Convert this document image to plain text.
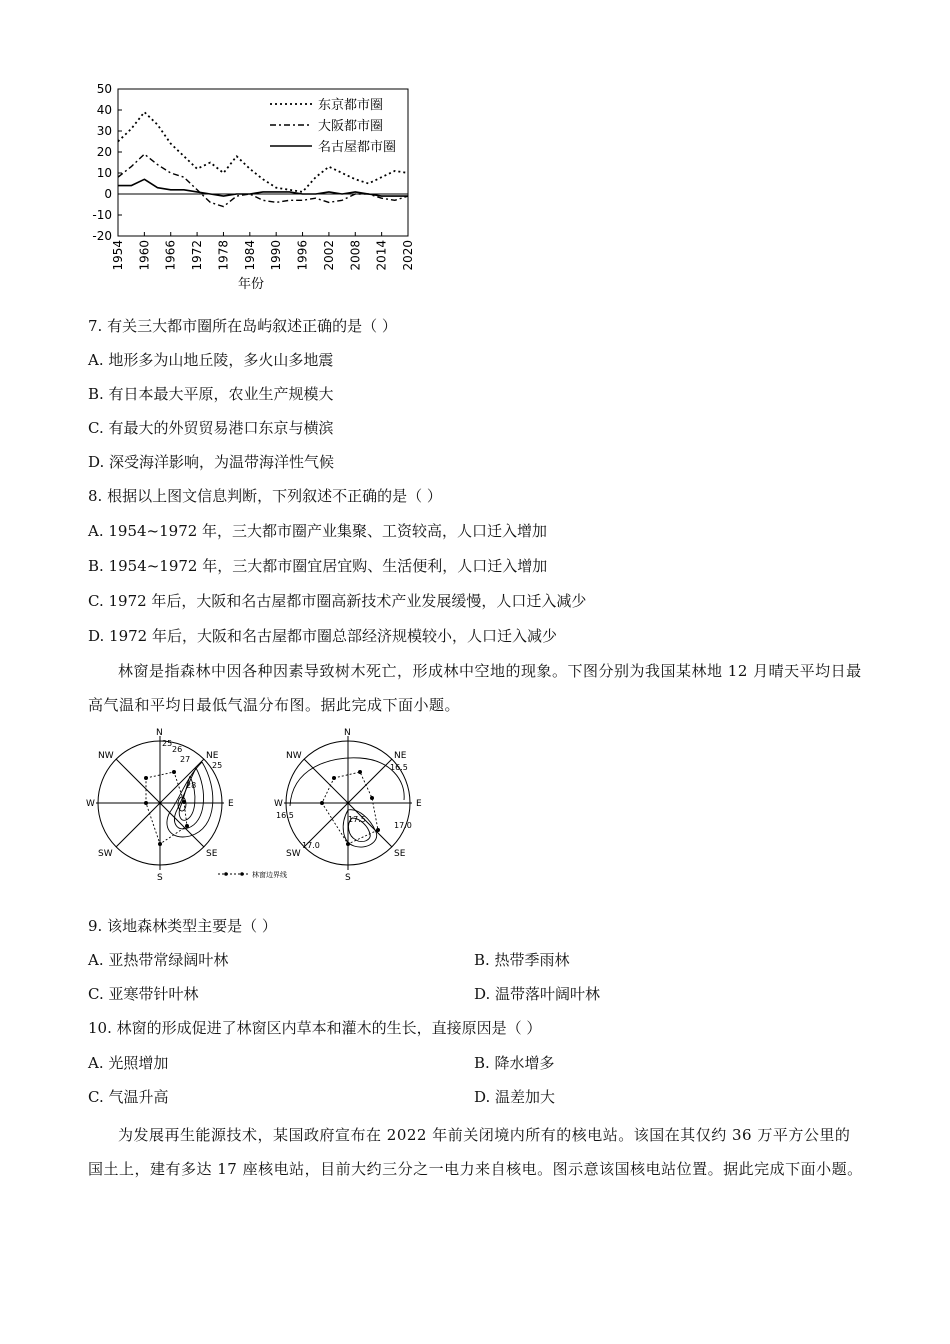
50
40
30
20
10
0
-10
-20
1954 1960 1966 1972 1978 1984 1990 1996 2002 2008 2014 2020
东京都市圈
大阪都市圈
名古屋都市圈
年份
7. 有关三大都市圈所在岛屿叙述正确的是（ ）
A. 地形多为山地丘陵，多火山多地震
B. 有日本最大平原，农业生产规模大
C. 有最大的外贸贸易港口东京与横滨
D. 深受海洋影响，为温带海洋性气候
8. 根据以上图文信息判断，下列叙述不正确的是（ ）
A. 1954~1972 年，三大都市圈产业集聚、工资较高，人口迁入增加
B. 1954~1972 年，三大都市圈宜居宜购、生活便利，人口迁入增加
C. 1972 年后，大阪和名古屋都市圈高新技术产业发展缓慢，人口迁入减少
D. 1972 年后，大阪和名古屋都市圈总部经济规模较小，人口迁入减少
林窗是指森林中因各种因素导致树木死亡，形成林中空地的现象。下图分别为我国某林地 12 月晴天平均日最高气温和平均日最低气温分布图。据此完成下面小题。
N
NE
E
SE
S
SW
W
NW
25
26
27
28
25
林窗边界线
N
NE
E
SE
S
SW
W
NW
16.5
17.0
17.5
17.0
16.5
9. 该地森林类型主要是（ ）
A. 亚热带常绿阔叶林	B. 热带季雨林
C. 亚寒带针叶林	D. 温带落叶阔叶林
10. 林窗的形成促进了林窗区内草本和灌木的生长，直接原因是（ ）
A. 光照增加	B. 降水增多
C. 气温升高	D. 温差加大
为发展再生能源技术，某国政府宣布在 2022 年前关闭境内所有的核电站。该国在其仅约 36 万平方公里的国土上，建有多达 17 座核电站，目前大约三分之一电力来自核电。图示意该国核电站位置。据此完成下面小题。
